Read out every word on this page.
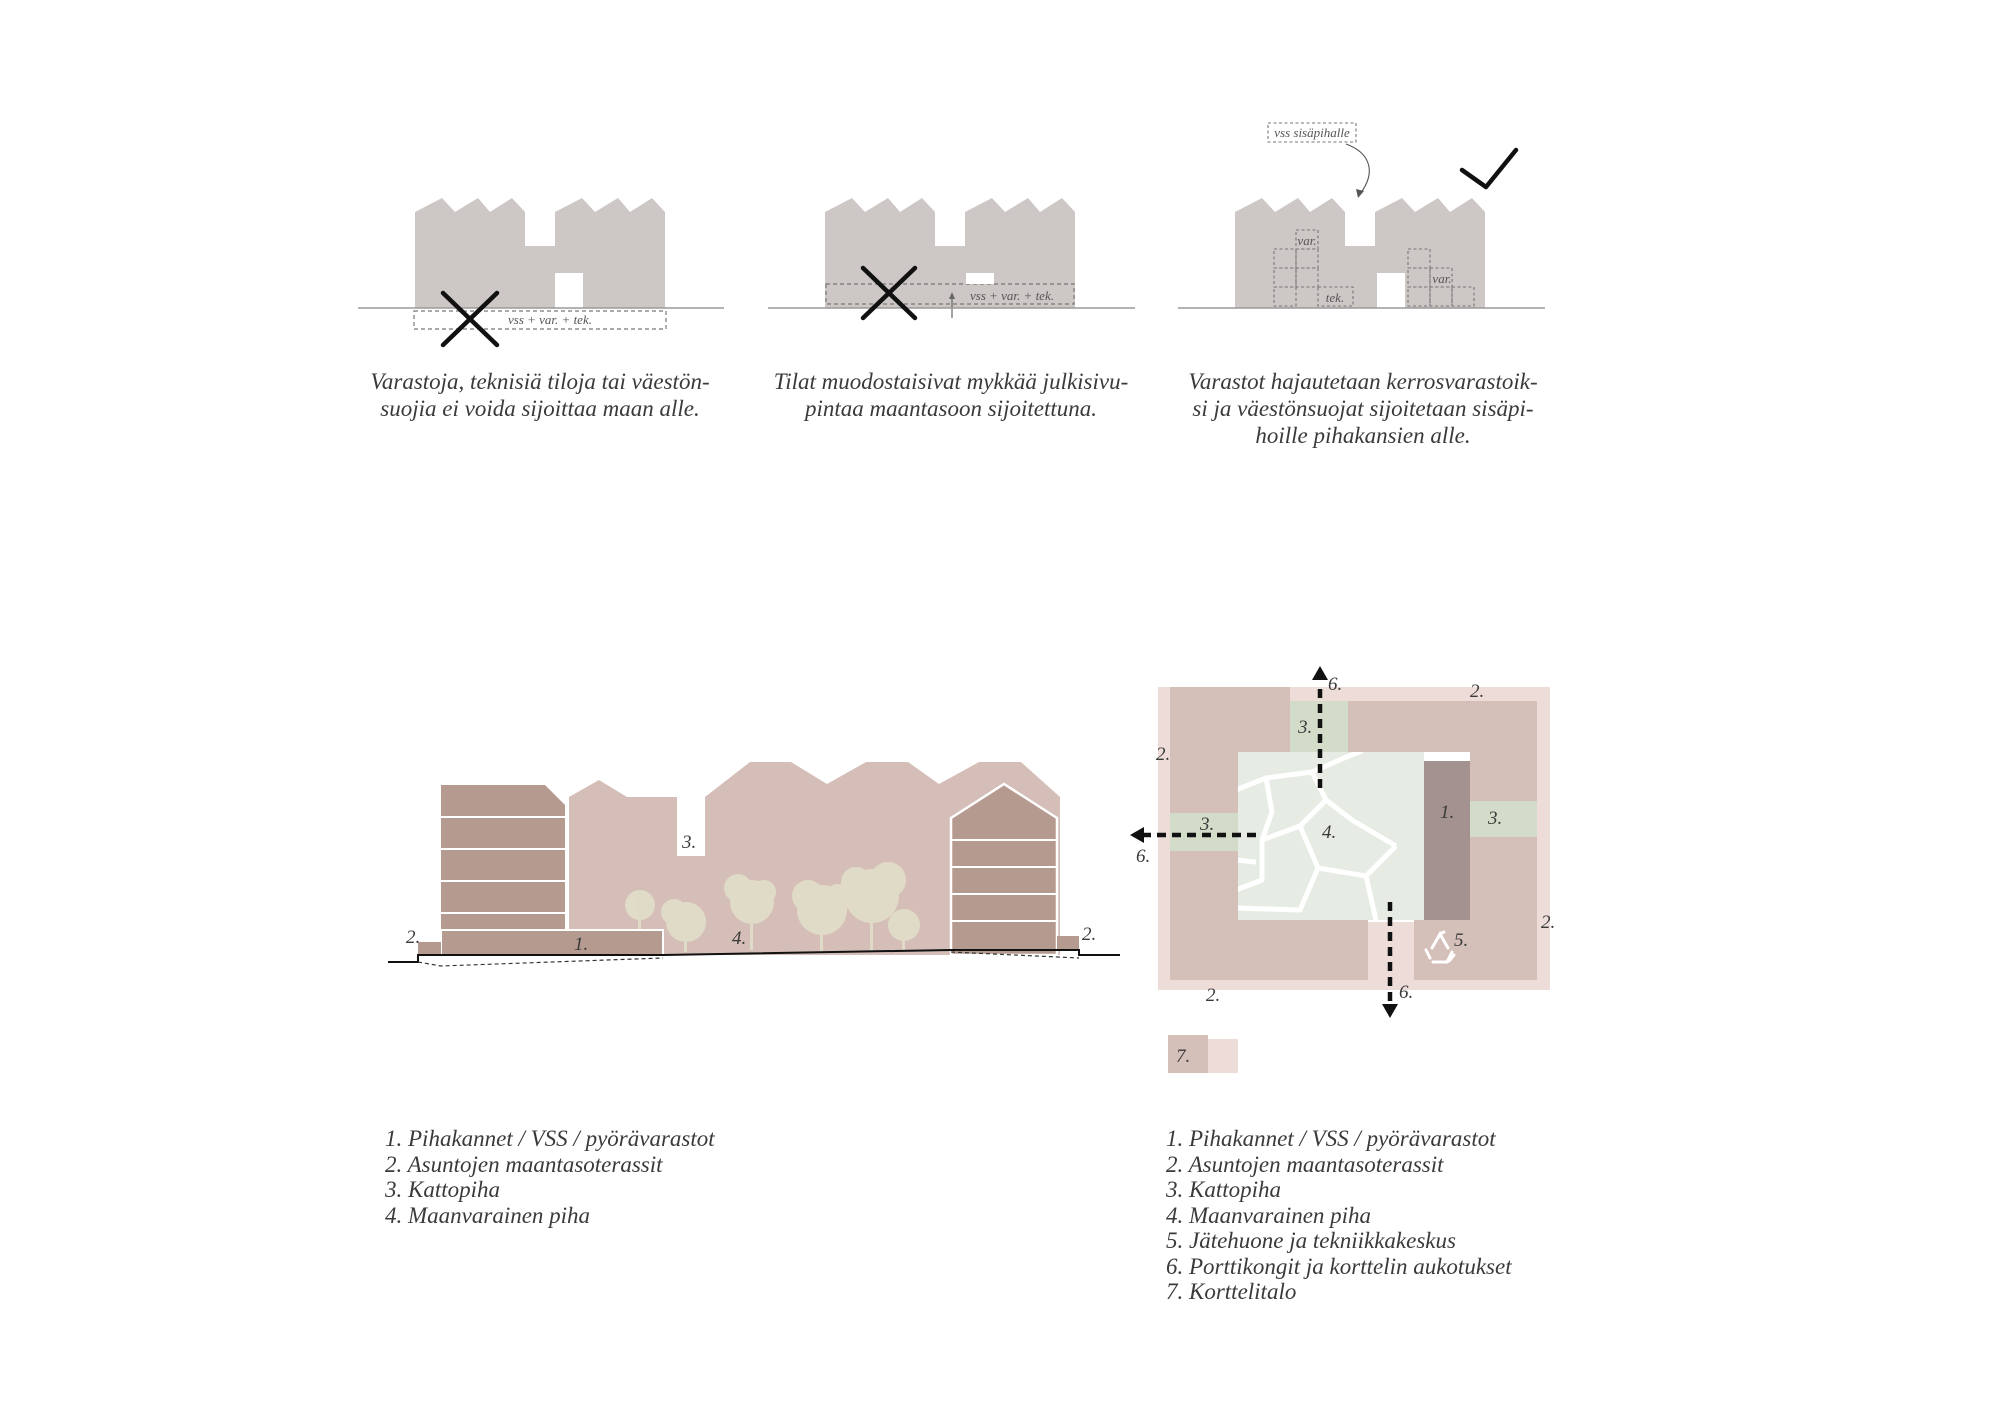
vss + var. + tek.
vss + var. + tek.
var.
var.
tek.
vss sisäpihalle
1.
2.	2.
3.
4.
1.
2.
2.
2.
2.
3.
3.	3.
4.
5.
6.
6.
6.
7.
Varastoja, teknisiä tiloja tai väestön-
suojia ei voida sijoittaa maan alle.
Tilat muodostaisivat mykkää julkisivu-
pintaa maantasoon sijoitettuna.
Varastot hajautetaan kerrosvarastoik-
si ja väestönsuojat sijoitetaan sisäpi-
hoille pihakansien alle.
1. Pihakannet / VSS / pyörävarastot
2. Asuntojen maantasoterassit
3. Kattopiha
4. Maanvarainen piha
1. Pihakannet / VSS / pyörävarastot
2. Asuntojen maantasoterassit
3. Kattopiha
4. Maanvarainen piha
5. Jätehuone ja tekniikkakeskus
6. Porttikongit ja korttelin aukotukset
7. Korttelitalo
